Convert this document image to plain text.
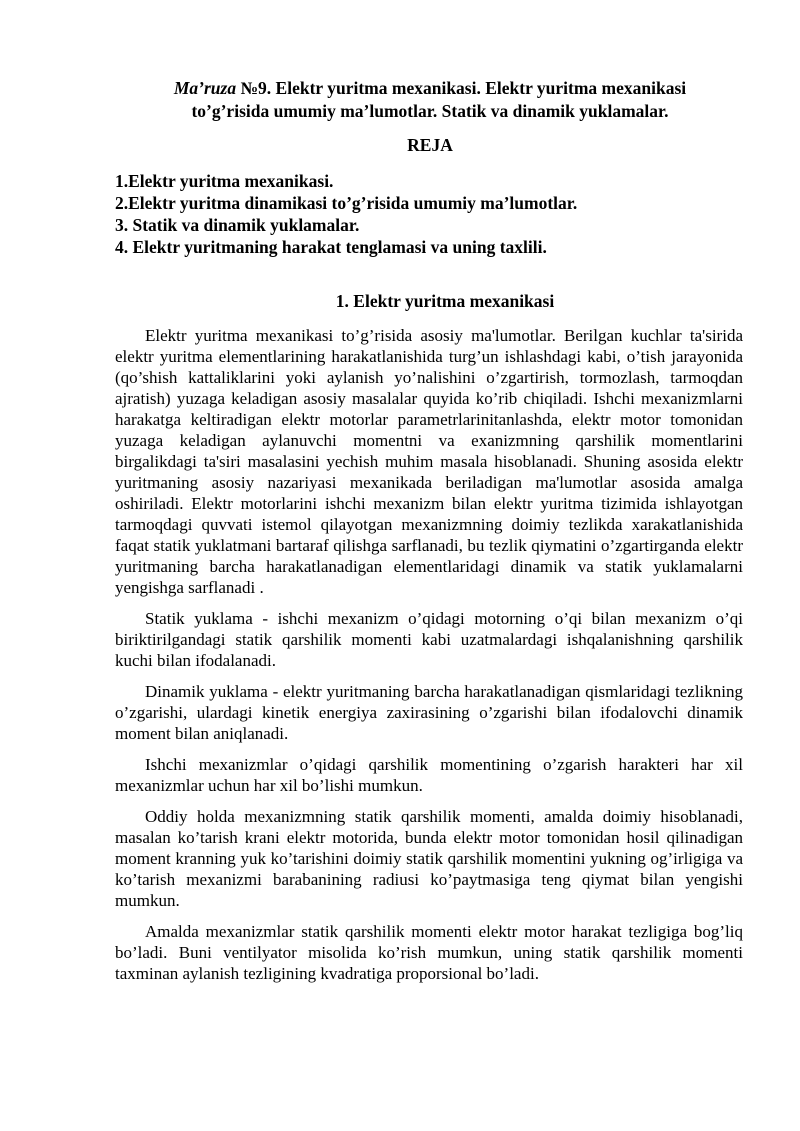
Ma’ruza №9. Elektr yuritma mexanikasi. Elektr yuritma mexanikasi
to’g’risida umumiy ma’lumotlar. Statik va dinamik yuklamalar.
REJA
1.Elektr yuritma mexanikasi.
2.Elektr yuritma dinamikasi to’g’risida umumiy ma’lumotlar.
3. Statik va dinamik yuklamalar.
4. Elektr yuritmaning harakat tenglamasi va uning taxlili.
1. Elektr yuritma mexanikasi

Elektr yuritma mexanikasi to’g’risida asosiy ma'lumotlar. Berilgan kuchlar ta'sirida elektr yuritma elementlarining harakatlanishida turg’un ishlashdagi kabi, o’tish jarayonida (qo’shish kattaliklarini yoki aylanish yo’nalishini o’zgartirish, tormozlash, tarmoqdan ajratish) yuzaga keladigan asosiy masalalar quyida ko’rib chiqiladi. Ishchi mexanizmlarni harakatga keltiradigan elektr motorlar parametrlarinitanlashda, elektr motor tomonidan yuzaga keladigan aylanuvchi momentni va exanizmning qarshilik momentlarini birgalikdagi ta'siri masalasini yechish muhim masala hisoblanadi. Shuning asosida elektr yuritmaning asosiy nazariyasi mexanikada beriladigan ma'lumotlar asosida amalga oshiriladi. Elektr motorlarini ishchi mexanizm bilan elektr yuritma tizimida ishlayotgan tarmoqdagi quvvati istemol qilayotgan mexanizmning doimiy tezlikda xarakatlanishida faqat statik yuklatmani bartaraf qilishga sarflanadi, bu tezlik qiymatini o’zgartirganda elektr yuritmaning barcha harakatlanadigan elementlaridagi dinamik va statik yuklamalarni yengishga sarflanadi .

Statik yuklama - ishchi mexanizm o’qidagi motorning o’qi bilan mexanizm o’qi biriktirilgandagi statik qarshilik momenti kabi uzatmalardagi ishqalanishning qarshilik kuchi bilan ifodalanadi.

Dinamik yuklama - elektr yuritmaning barcha harakatlanadigan qismlaridagi tezlikning o’zgarishi, ulardagi kinetik energiya zaxirasining o’zgarishi bilan ifodalovchi dinamik moment bilan aniqlanadi.

Ishchi mexanizmlar o’qidagi qarshilik momentining o’zgarish harakteri har xil mexanizmlar uchun har xil bo’lishi mumkun.

Oddiy holda mexanizmning statik qarshilik momenti, amalda doimiy hisoblanadi, masalan ko’tarish krani elektr motorida, bunda elektr motor tomonidan hosil qilinadigan moment kranning yuk ko’tarishini doimiy statik qarshilik momentini yukning og’irligiga va ko’tarish mexanizmi barabanining radiusi ko’paytmasiga teng qiymat bilan yengishi mumkun.

Amalda mexanizmlar statik qarshilik momenti elektr motor harakat tezligiga bog’liq bo’ladi. Buni ventilyator misolida ko’rish mumkun, uning statik qarshilik momenti taxminan aylanish tezligining kvadratiga proporsional bo’ladi.
